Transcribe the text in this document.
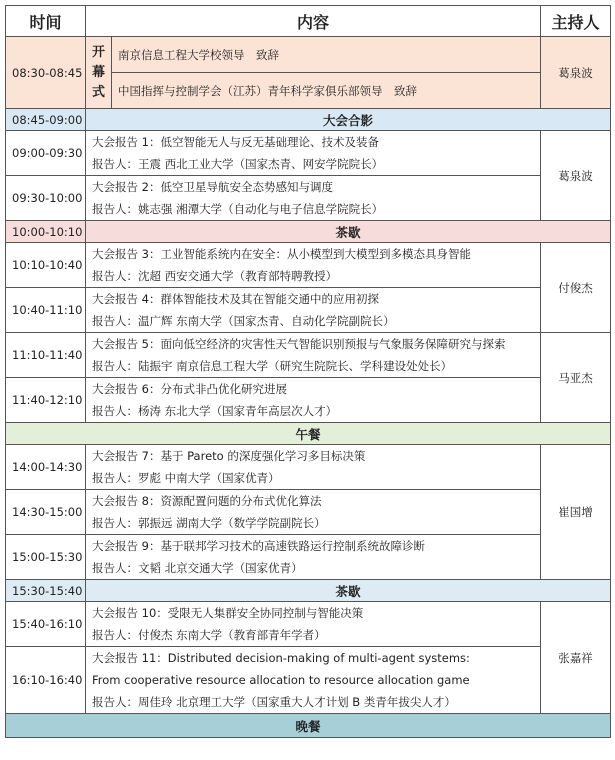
时间	内容		主持人
08:30-08:45	开
幕
式	南京信息工程大学校领导　致辞	葛泉波
		中国指挥与控制学会（江苏）青年科学家俱乐部领导　致辞	
08:45-09:00	大会合影		
09:00-09:30	大会报告 1：低空智能无人与反无基础理论、技术及装备
报告人：王震 西北工业大学（国家杰青、网安学院院长）		葛泉波
09:30-10:00	大会报告 2：低空卫星导航安全态势感知与调度
报告人：姚志强 湘潭大学（自动化与电子信息学院院长）		

10:00-10:10	茶歇		
10:10-10:40	大会报告 3：工业智能系统内在安全：从小模型到大模型到多模态具身智能
报告人：沈超 西安交通大学（教育部特聘教授）		付俊杰
10:40-11:10	大会报告 4：群体智能技术及其在智能交通中的应用初探
报告人：温广辉 东南大学（国家杰青、自动化学院副院长）		

11:10-11:40	大会报告 5：面向低空经济的灾害性天气智能识别预报与气象服务保障研究与探索
报告人：陆振宇 南京信息工程大学（研究生院院长、学科建设处处长）		马亚杰
11:40-12:10	大会报告 6：分布式非凸优化研究进展
报告人：杨涛 东北大学（国家青年高层次人才）		

午餐			
14:00-14:30	大会报告 7：基于 Pareto 的深度强化学习多目标决策
报告人：罗彪 中南大学（国家优青）		崔国增
14:30-15:00	大会报告 8：资源配置问题的分布式优化算法
报告人：郭振远 湖南大学（数学学院副院长）		

15:00-15:30	大会报告 9：基于联邦学习技术的高速铁路运行控制系统故障诊断
报告人：文韬 北京交通大学（国家优青）		

15:30-15:40	茶歇		
15:40-16:10	大会报告 10：受限无人集群安全协同控制与智能决策
报告人：付俊杰 东南大学（教育部青年学者）		张嘉祥
16:10-16:40	大会报告 11：Distributed decision-making of multi-agent systems:
From cooperative resource allocation to resource allocation game
报告人：周佳玲 北京理工大学（国家重大人才计划 B 类青年拔尖人才）		

晚餐			
